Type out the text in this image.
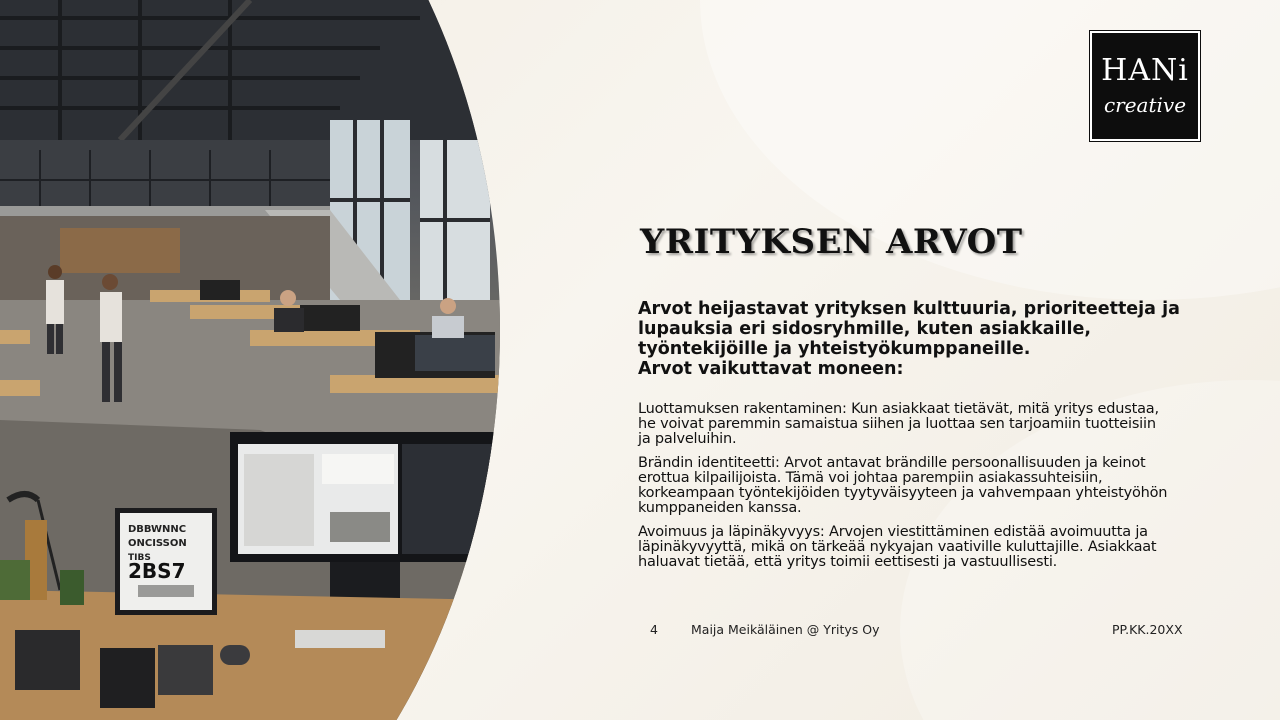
DBBWNNC
ONCISSON
TIBS
2BS7
HANi
creative
YRITYKSEN ARVOT
Arvot heijastavat yrityksen kulttuuria, prioriteetteja ja
lupauksia eri sidosryhmille, kuten asiakkaille,
työntekijöille ja yhteistyökumppaneille.
Arvot vaikuttavat moneen:

Luottamuksen rakentaminen: Kun asiakkaat tietävät, mitä yritys edustaa,
he voivat paremmin samaistua siihen ja luottaa sen tarjoamiin tuotteisiin
ja palveluihin.

Brändin identiteetti: Arvot antavat brändille persoonallisuuden ja keinot
erottua kilpailijoista. Tämä voi johtaa parempiin asiakassuhteisiin,
korkeampaan työntekijöiden tyytyväisyyteen ja vahvempaan yhteistyöhön
kumppaneiden kanssa.

Avoimuus ja läpinäkyvyys: Arvojen viestittäminen edistää avoimuutta ja
läpinäkyvyyttä, mikä on tärkeää nykyajan vaativille kuluttajille. Asiakkaat
haluavat tietää, että yritys toimii eettisesti ja vastuullisesti.

4	Maija Meikäläinen @ Yritys Oy	PP.KK.20XX
